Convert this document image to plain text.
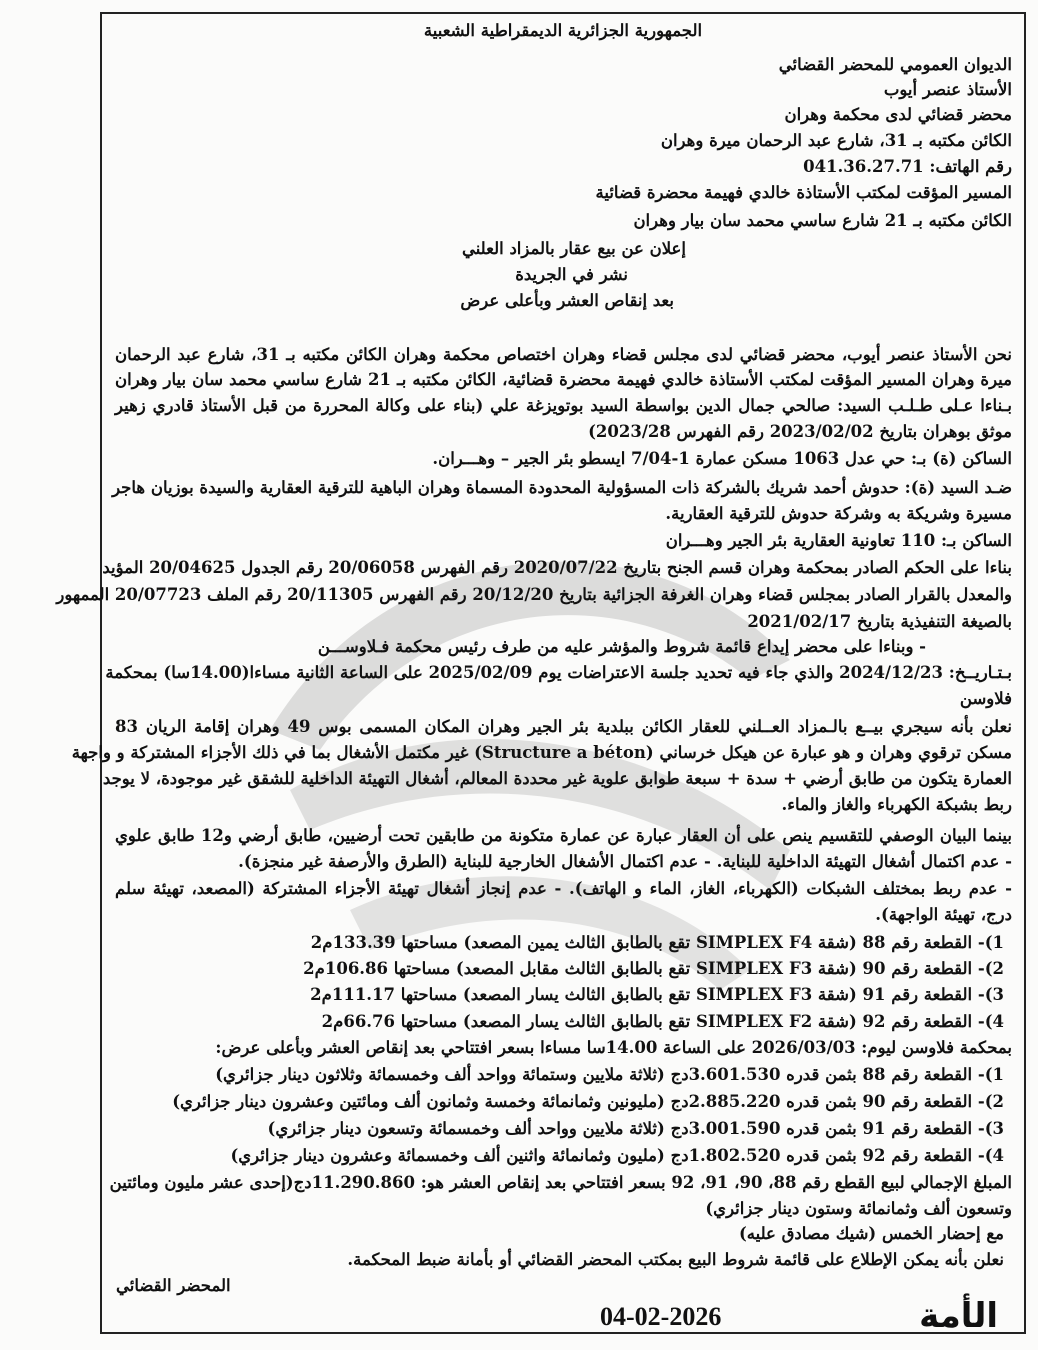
الجمهورية الجزائرية الديمقراطية الشعبية
الديوان العمومي للمحضر القضائي
الأستاذ عنصر أيوب
محضر قضائي لدى محكمة وهران
الكائن مكتبه بـ 31، شارع عبد الرحمان ميرة وهران
رقم الهاتف: 041.36.27.71
المسير المؤقت لمكتب الأستاذة خالدي فهيمة محضرة قضائية
الكائن مكتبه بـ 21 شارع ساسي محمد سان بيار وهران
إعلان عن بيع عقار بالمزاد العلني
نشر في الجريدة
بعد إنقاص العشر وبأعلى عرض
نحن الأستاذ عنصر أيوب، محضر قضائي لدى مجلس قضاء وهران اختصاص محكمة وهران الكائن مكتبه بـ 31، شارع عبد الرحمان
ميرة وهران المسير المؤقت لمكتب الأستاذة خالدي فهيمة محضرة قضائية، الكائن مكتبه بـ 21 شارع ساسي محمد سان بيار وهران
بـناءا عـلى طـلـب السيد: صالحي جمال الدين بواسطة السيد بوتويزغة علي (بناء على وكالة المحررة من قبل الأستاذ قادري زهير
موثق بوهران بتاريخ 2023/02/02 رقم الفهرس 2023/28)
الساكن (ة) بـ: حي عدل 1063 مسكن عمارة 1-7/04 ايسطو بئر الجير – وهـــران.
ضـد السيد (ة): حدوش أحمد شريك بالشركة ذات المسؤولية المحدودة المسماة وهران الباهية للترقية العقارية والسيدة بوزيان هاجر
مسيرة وشريكة به وشركة حدوش للترقية العقارية.
الساكن بـ: 110 تعاونية العقارية بئر الجير وهـــران
بناءا على الحكم الصادر بمحكمة وهران قسم الجنح بتاريخ 2020/07/22 رقم الفهرس 20/06058 رقم الجدول 20/04625 المؤيد
والمعدل بالقرار الصادر بمجلس قضاء وهران الغرفة الجزائية بتاريخ 20/12/20 رقم الفهرس 20/11305 رقم الملف 20/07723 الممهور
بالصيغة التنفيذية بتاريخ 2021/02/17
- وبناءا على محضر إيداع قائمة شروط والمؤشر عليه من طرف رئيس محكمة فـلاوســـن
بـتـاريــخ: 2024/12/23 والذي جاء فيه تحديد جلسة الاعتراضات يوم 2025/02/09 على الساعة الثانية مساءا(14.00سا) بمحكمة
فلاوسن
نعلن بأنه سيجري بيــع بالـمزاد العــلني للعقار الكائن ببلدية بئر الجير وهران المكان المسمى بوس 49 وهران إقامة الريان 83
مسكن ترقوي وهران و هو عبارة عن هيكل خرساني (Structure a béton) غير مكتمل الأشغال بما في ذلك الأجزاء المشتركة و واجهة
العمارة يتكون من طابق أرضي + سدة + سبعة طوابق علوية غير محددة المعالم، أشغال التهيئة الداخلية للشقق غير موجودة، لا يوجد
ربط بشبكة الكهرباء والغاز والماء.
بينما البيان الوصفي للتقسيم ينص على أن العقار عبارة عن عمارة متكونة من طابقين تحت أرضيين، طابق أرضي و12 طابق علوي
- عدم اكتمال أشغال التهيئة الداخلية للبناية. - عدم اكتمال الأشغال الخارجية للبناية (الطرق والأرصفة غير منجزة).
- عدم ربط بمختلف الشبكات (الكهرباء، الغاز، الماء و الهاتف). - عدم إنجاز أشغال تهيئة الأجزاء المشتركة (المصعد، تهيئة سلم
درج، تهيئة الواجهة).
1)- القطعة رقم 88 (شقة SIMPLEX F4 تقع بالطابق الثالث يمين المصعد) مساحتها 133.39م2
2)- القطعة رقم 90 (شقة SIMPLEX F3 تقع بالطابق الثالث مقابل المصعد) مساحتها 106.86م2
3)- القطعة رقم 91 (شقة SIMPLEX F3 تقع بالطابق الثالث يسار المصعد) مساحتها 111.17م2
4)- القطعة رقم 92 (شقة SIMPLEX F2 تقع بالطابق الثالث يسار المصعد) مساحتها 66.76م2
بمحكمة فلاوسن ليوم: 2026/03/03 على الساعة 14.00سا مساءا بسعر افتتاحي بعد إنقاص العشر وبأعلى عرض:
1)- القطعة رقم 88 بثمن قدره 3.601.530دج (ثلاثة ملايين وستمائة وواحد ألف وخمسمائة وثلاثون دينار جزائري)
2)- القطعة رقم 90 بثمن قدره 2.885.220دج (مليونين وثمانمائة وخمسة وثمانون ألف ومائتين وعشرون دينار جزائري)
3)- القطعة رقم 91 بثمن قدره 3.001.590دج (ثلاثة ملايين وواحد ألف وخمسمائة وتسعون دينار جزائري)
4)- القطعة رقم 92 بثمن قدره 1.802.520دج (مليون وثمانمائة واثنين ألف وخمسمائة وعشرون دينار جزائري)
المبلغ الإجمالي لبيع القطع رقم 88، 90، 91، 92 بسعر افتتاحي بعد إنقاص العشر هو: 11.290.860دج(إحدى عشر مليون ومائتين
وتسعون ألف وثمانمائة وستون دينار جزائري)
مع إحضار الخمس (شيك مصادق عليه)
نعلن بأنه يمكن الإطلاع على قائمة شروط البيع بمكتب المحضر القضائي أو بأمانة ضبط المحكمة.
المحضر القضائي
04-02-2026	الأمة
